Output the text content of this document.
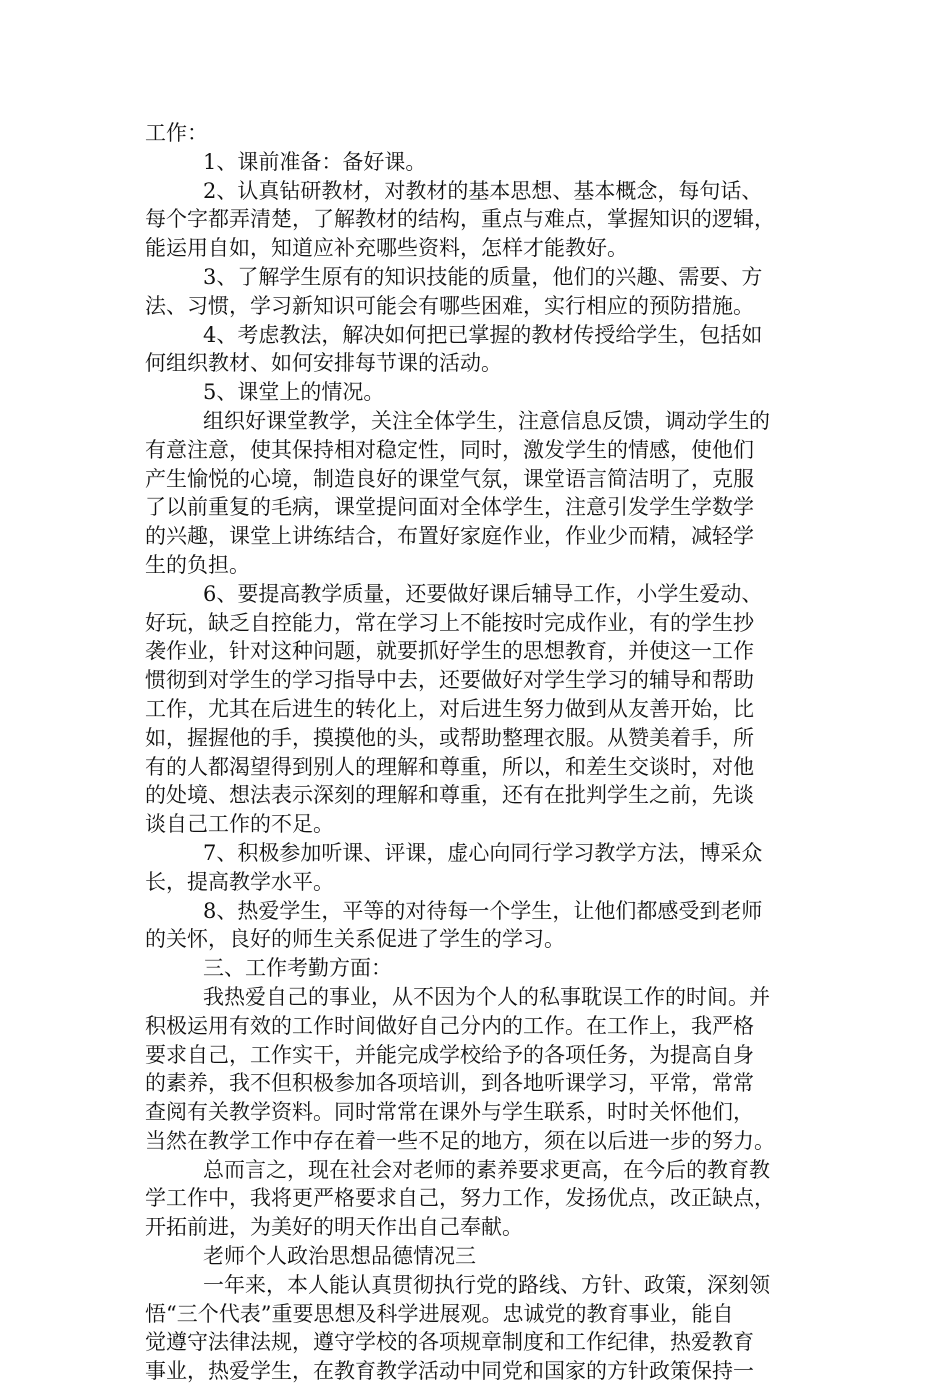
工作：
1、课前准备：备好课。
2、认真钻研教材，对教材的基本思想、基本概念，每句话、
每个字都弄清楚，了解教材的结构，重点与难点，掌握知识的逻辑，
能运用自如，知道应补充哪些资料，怎样才能教好。
3、了解学生原有的知识技能的质量，他们的兴趣、需要、方
法、习惯，学习新知识可能会有哪些困难，实行相应的预防措施。
4、考虑教法，解决如何把已掌握的教材传授给学生，包括如
何组织教材、如何安排每节课的活动。
5、课堂上的情况。
组织好课堂教学，关注全体学生，注意信息反馈，调动学生的
有意注意，使其保持相对稳定性，同时，激发学生的情感，使他们
产生愉悦的心境，制造良好的课堂气氛，课堂语言简洁明了，克服
了以前重复的毛病，课堂提问面对全体学生，注意引发学生学数学
的兴趣，课堂上讲练结合，布置好家庭作业，作业少而精，减轻学
生的负担。
6、要提高教学质量，还要做好课后辅导工作，小学生爱动、
好玩，缺乏自控能力，常在学习上不能按时完成作业，有的学生抄
袭作业，针对这种问题，就要抓好学生的思想教育，并使这一工作
惯彻到对学生的学习指导中去，还要做好对学生学习的辅导和帮助
工作，尤其在后进生的转化上，对后进生努力做到从友善开始，比
如，握握他的手，摸摸他的头，或帮助整理衣服。从赞美着手，所
有的人都渴望得到别人的理解和尊重，所以，和差生交谈时，对他
的处境、想法表示深刻的理解和尊重，还有在批判学生之前，先谈
谈自己工作的不足。
7、积极参加听课、评课，虚心向同行学习教学方法，博采众
长，提高教学水平。
8、热爱学生，平等的对待每一个学生，让他们都感受到老师
的关怀，良好的师生关系促进了学生的学习。
三、工作考勤方面：
我热爱自己的事业，从不因为个人的私事耽误工作的时间。并
积极运用有效的工作时间做好自己分内的工作。在工作上，我严格
要求自己，工作实干，并能完成学校给予的各项任务，为提高自身
的素养，我不但积极参加各项培训，到各地听课学习，平常，常常
查阅有关教学资料。同时常常在课外与学生联系，时时关怀他们，
当然在教学工作中存在着一些不足的地方，须在以后进一步的努力。
总而言之，现在社会对老师的素养要求更高，在今后的教育教
学工作中，我将更严格要求自己，努力工作，发扬优点，改正缺点，
开拓前进，为美好的明天作出自己奉献。
老师个人政治思想品德情况三
一年来，本人能认真贯彻执行党的路线、方针、政策，深刻领
悟“三个代表”重要思想及科学进展观。忠诚党的教育事业，能自
觉遵守法律法规，遵守学校的各项规章制度和工作纪律，热爱教育
事业，热爱学生，在教育教学活动中同党和国家的方针政策保持一
